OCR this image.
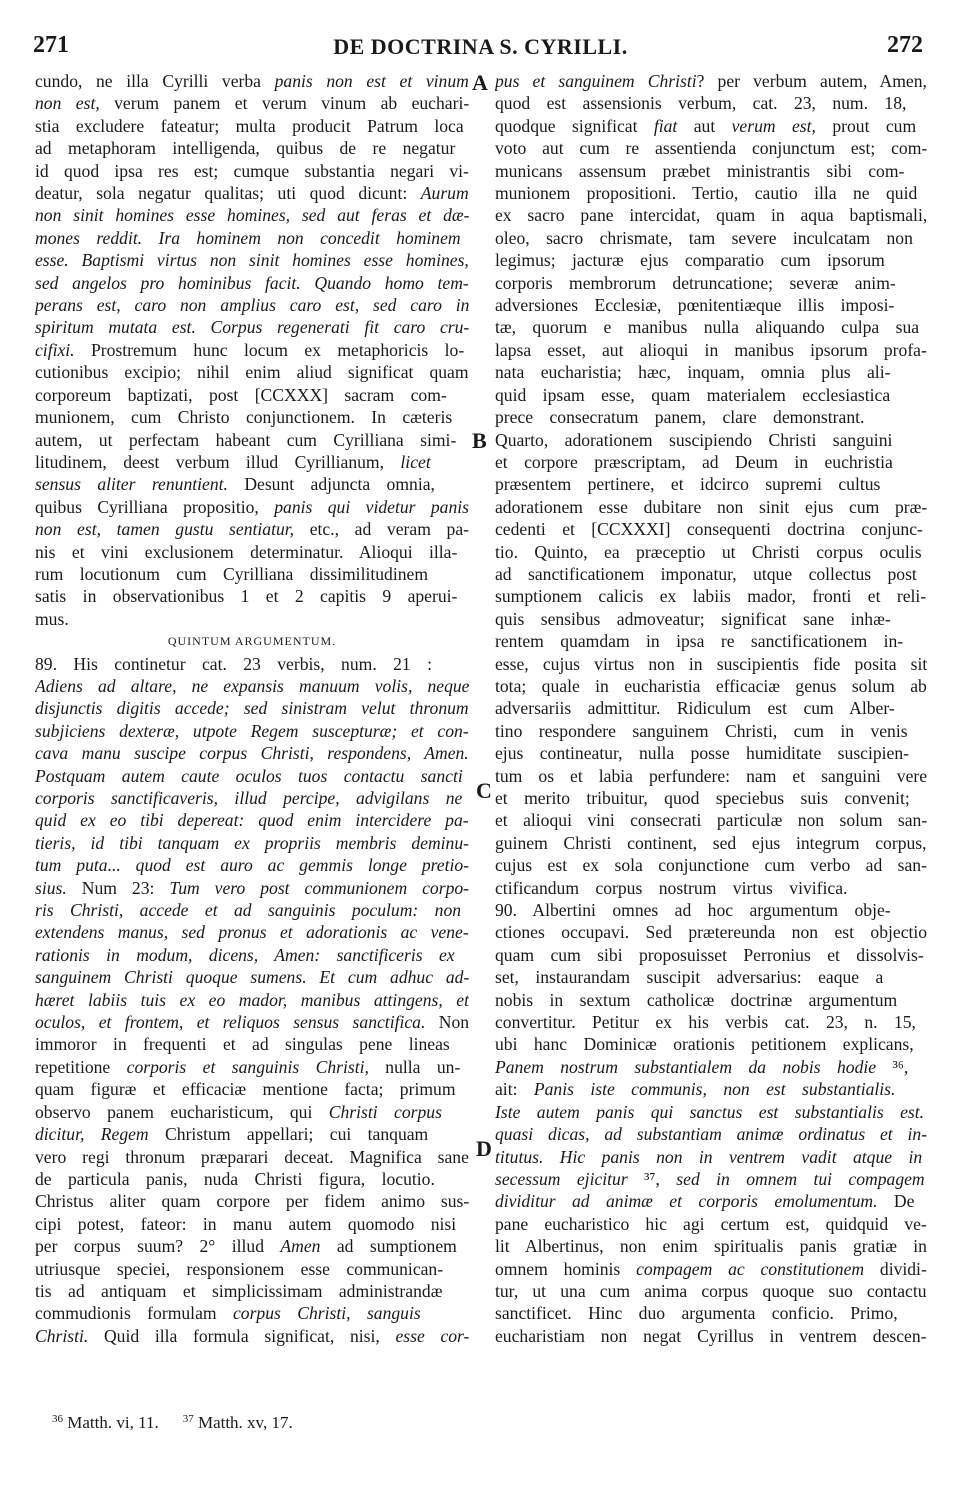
271	DE DOCTRINA S. CYRILLI.	272
cundo, ne illa Cyrilli verba panis non est et vinum
non est, verum panem et verum vinum ab euchari-
stia excludere fateatur; multa producit Patrum loca
ad metaphoram intelligenda, quibus de re negatur
id quod ipsa res est; cumque substantia negari vi-
deatur, sola negatur qualitas; uti quod dicunt: Aurum
non sinit homines esse homines, sed aut feras et dæ-
mones reddit. Ira hominem non concedit hominem
esse. Baptismi virtus non sinit homines esse homines,
sed angelos pro hominibus facit. Quando homo tem-
perans est, caro non amplius caro est, sed caro in
spiritum mutata est. Corpus regenerati fit caro cru-
cifixi. Prostremum hunc locum ex metaphoricis lo-
cutionibus excipio; nihil enim aliud significat quam
corporeum baptizati, post [CCXXX] sacram com-
munionem, cum Christo conjunctionem. In cæteris
autem, ut perfectam habeant cum Cyrilliana simi-
litudinem, deest verbum illud Cyrillianum, licet
sensus aliter renuntient. Desunt adjuncta omnia,
quibus Cyrilliana propositio, panis qui videtur panis
non est, tamen gustu sentiatur, etc., ad veram pa-
nis et vini exclusionem determinatur. Alioqui illa-
rum locutionum cum Cyrilliana dissimilitudinem
satis in observationibus 1 et 2 capitis 9 aperui-
mus.
QUINTUM ARGUMENTUM.
89. His continetur cat. 23 verbis, num. 21 :
Adiens ad altare, ne expansis manuum volis, neque
disjunctis digitis accede; sed sinistram velut thronum
subjiciens dexteræ, utpote Regem suscepturæ; et con-
cava manu suscipe corpus Christi, respondens, Amen.
Postquam autem caute oculos tuos contactu sancti
corporis sanctificaveris, illud percipe, advigilans ne
quid ex eo tibi depereat: quod enim intercidere pa-
tieris, id tibi tanquam ex propriis membris deminu-
tum puta... quod est auro ac gemmis longe pretio-
sius. Num 23: Tum vero post communionem corpo-
ris Christi, accede et ad sanguinis poculum: non
extendens manus, sed pronus et adorationis ac vene-
rationis in modum, dicens, Amen: sanctificeris ex
sanguinem Christi quoque sumens. Et cum adhuc ad-
hæret labiis tuis ex eo mador, manibus attingens, et
oculos, et frontem, et reliquos sensus sanctifica. Non
immoror in frequenti et ad singulas pene lineas
repetitione corporis et sanguinis Christi, nulla un-
quam figuræ et efficaciæ mentione facta; primum
observo panem eucharisticum, qui Christi corpus
dicitur, Regem Christum appellari; cui tanquam
vero regi thronum præparari deceat. Magnifica sane
de particula panis, nuda Christi figura, locutio.
Christus aliter quam corpore per fidem animo sus-
cipi potest, fateor: in manu autem quomodo nisi
per corpus suum? 2° illud Amen ad sumptionem
utriusque speciei, responsionem esse communican-
tis ad antiquam et simplicissimam administrandæ
commudionis formulam corpus Christi, sanguis
Christi. Quid illa formula significat, nisi, esse cor-
pus et sanguinem Christi? per verbum autem, Amen,
quod est assensionis verbum, cat. 23, num. 18,
quodque significat fiat aut verum est, prout cum
voto aut cum re assentienda conjunctum est; com-
municans assensum præbet ministrantis sibi com-
munionem propositioni. Tertio, cautio illa ne quid
ex sacro pane intercidat, quam in aqua baptismali,
oleo, sacro chrismate, tam severe inculcatam non
legimus; jacturæ ejus comparatio cum ipsorum
corporis membrorum detruncatione; severæ anim-
adversiones Ecclesiæ, pœnitentiæque illis imposi-
tæ, quorum e manibus nulla aliquando culpa sua
lapsa esset, aut alioqui in manibus ipsorum profa-
nata eucharistia; hæc, inquam, omnia plus ali-
quid ipsam esse, quam materialem ecclesiastica
prece consecratum panem, clare demonstrant.
Quarto, adorationem suscipiendo Christi sanguini
et corpore præscriptam, ad Deum in euchristia
præsentem pertinere, et idcirco supremi cultus
adorationem esse dubitare non sinit ejus cum præ-
cedenti et [CCXXXI] consequenti doctrina conjunc-
tio. Quinto, ea præceptio ut Christi corpus oculis
ad sanctificationem imponatur, utque collectus post
sumptionem calicis ex labiis mador, fronti et reli-
quis sensibus admoveatur; significat sane inhæ-
rentem quamdam in ipsa re sanctificationem in-
esse, cujus virtus non in suscipientis fide posita sit
tota; quale in eucharistia efficaciæ genus solum ab
adversariis admittitur. Ridiculum est cum Alber-
tino respondere sanguinem Christi, cum in venis
ejus contineatur, nulla posse humiditate suscipien-
tum os et labia perfundere: nam et sanguini vere
et merito tribuitur, quod speciebus suis convenit;
et alioqui vini consecrati particulæ non solum san-
guinem Christi continent, sed ejus integrum corpus,
cujus est ex sola conjunctione cum verbo ad san-
ctificandum corpus nostrum virtus vivifica.
90. Albertini omnes ad hoc argumentum obje-
ctiones occupavi. Sed prætereunda non est objectio
quam cum sibi proposuisset Perronius et dissolvis-
set, instaurandam suscipit adversarius: eaque a
nobis in sextum catholicæ doctrinæ argumentum
convertitur. Petitur ex his verbis cat. 23, n. 15,
ubi hanc Dominicæ orationis petitionem explicans,
Panem nostrum substantialem da nobis hodie ³⁶,
ait: Panis iste communis, non est substantialis.
Iste autem panis qui sanctus est substantialis est.
quasi dicas, ad substantiam animæ ordinatus et in-
titutus. Hic panis non in ventrem vadit atque in
secessum ejicitur ³⁷, sed in omnem tui compagem
dividitur ad animæ et corporis emolumentum. De
pane eucharistico hic agi certum est, quidquid ve-
lit Albertinus, non enim spiritualis panis gratiæ in
omnem hominis compagem ac constitutionem dividi-
tur, ut una cum anima corpus quoque suo contactu
sanctificet. Hinc duo argumenta conficio. Primo,
eucharistiam non negat Cyrillus in ventrem descen-
A
B
C
D
$^{36}$ Matth. vi, 11. $^{37}$ Matth. xv, 17.
